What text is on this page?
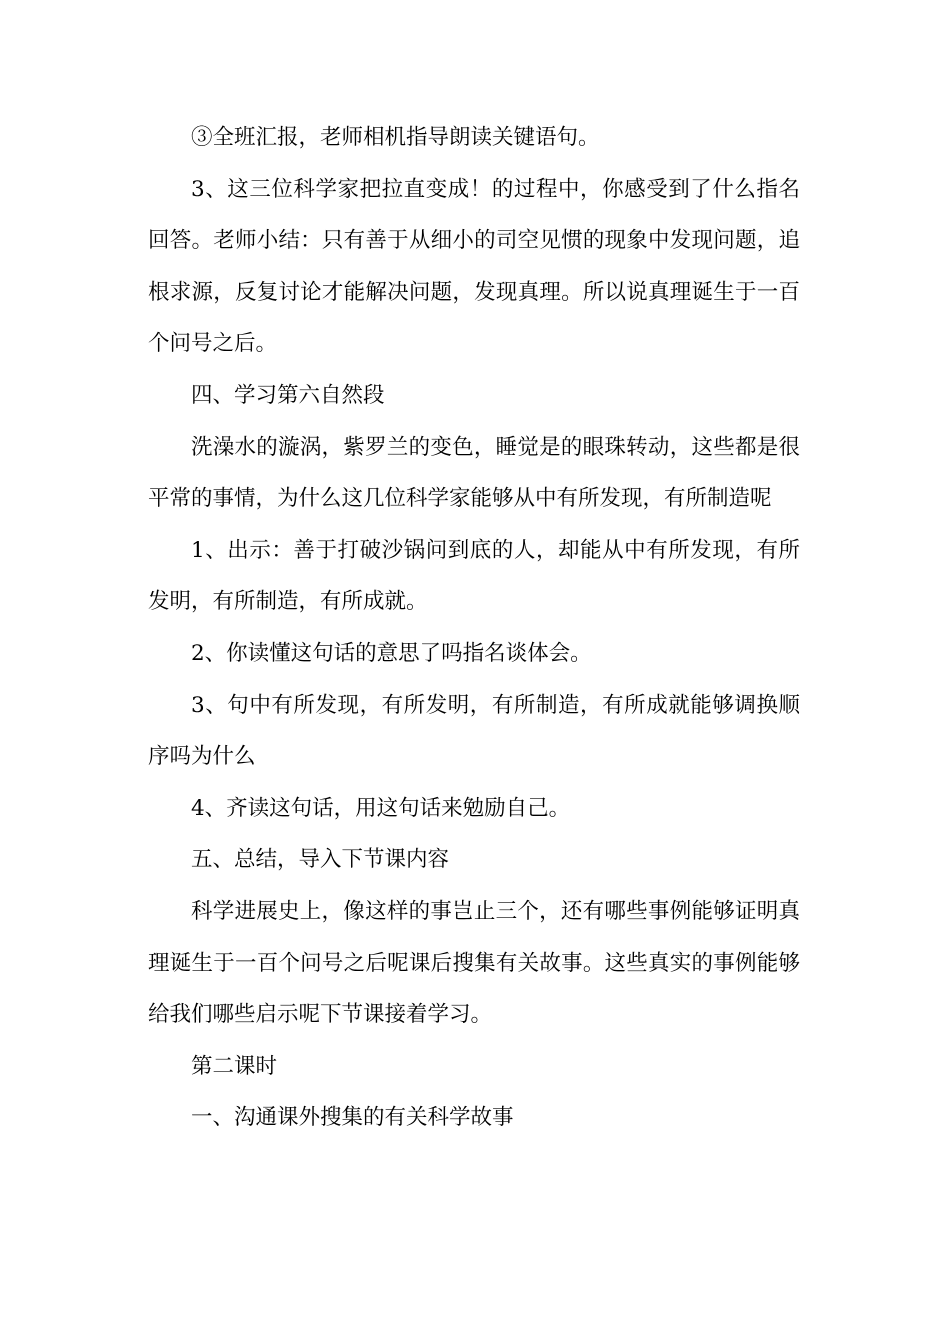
③全班汇报，老师相机指导朗读关键语句。

3、这三位科学家把拉直变成！的过程中，你感受到了什么指名回答。老师小结：只有善于从细小的司空见惯的现象中发现问题，追根求源，反复讨论才能解决问题，发现真理。所以说真理诞生于一百个问号之后。

四、学习第六自然段

洗澡水的漩涡，紫罗兰的变色，睡觉是的眼珠转动，这些都是很平常的事情，为什么这几位科学家能够从中有所发现，有所制造呢

1、出示：善于打破沙锅问到底的人，却能从中有所发现，有所发明，有所制造，有所成就。

2、你读懂这句话的意思了吗指名谈体会。

3、句中有所发现，有所发明，有所制造，有所成就能够调换顺序吗为什么

4、齐读这句话，用这句话来勉励自己。

五、总结，导入下节课内容

科学进展史上，像这样的事岂止三个，还有哪些事例能够证明真理诞生于一百个问号之后呢课后搜集有关故事。这些真实的事例能够给我们哪些启示呢下节课接着学习。

第二课时

一、沟通课外搜集的有关科学故事
